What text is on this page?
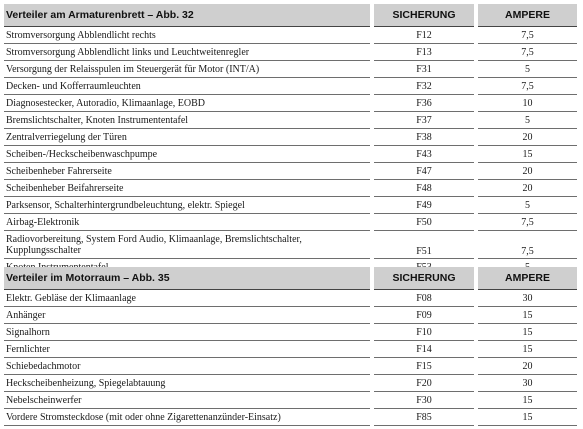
Verteiler am Armaturenbrett – Abb. 32	SICHERUNG	AMPERE
Stromversorgung Abblendlicht rechts	F12	7,5
Stromversorgung Abblendlicht links und Leuchtweitenregler	F13	7,5
Versorgung der Relaisspulen im Steuergerät für Motor (INT/A)	F31	5
Decken- und Kofferraumleuchten	F32	7,5
Diagnosestecker, Autoradio, Klimaanlage, EOBD	F36	10
Bremslichtschalter, Knoten Instrumententafel	F37	5
Zentralverriegelung der Türen	F38	20
Scheiben-/Heckscheibenwaschpumpe	F43	15
Scheibenheber Fahrerseite	F47	20
Scheibenheber Beifahrerseite	F48	20
Parksensor, Schalterhintergrundbeleuchtung, elektr. Spiegel	F49	5
Airbag-Elektronik	F50	7,5
Radiovorbereitung, System Ford Audio, Klimaanlage, Bremslichtschalter, Kupplungsschalter	F51	7,5

Verteiler im Motorraum – Abb. 35	SICHERUNG	AMPERE
Elektr. Gebläse der Klimaanlage	F08	30
Anhänger	F09	15
Signalhorn	F10	15
Fernlichter	F14	15
Schiebedachmotor	F15	20
Heckscheibenheizung, Spiegelabtauung	F20	30
Nebelscheinwerfer	F30	15
Vordere Stromsteckdose (mit oder ohne Zigarettenanzünder-Einsatz)	F85	15
